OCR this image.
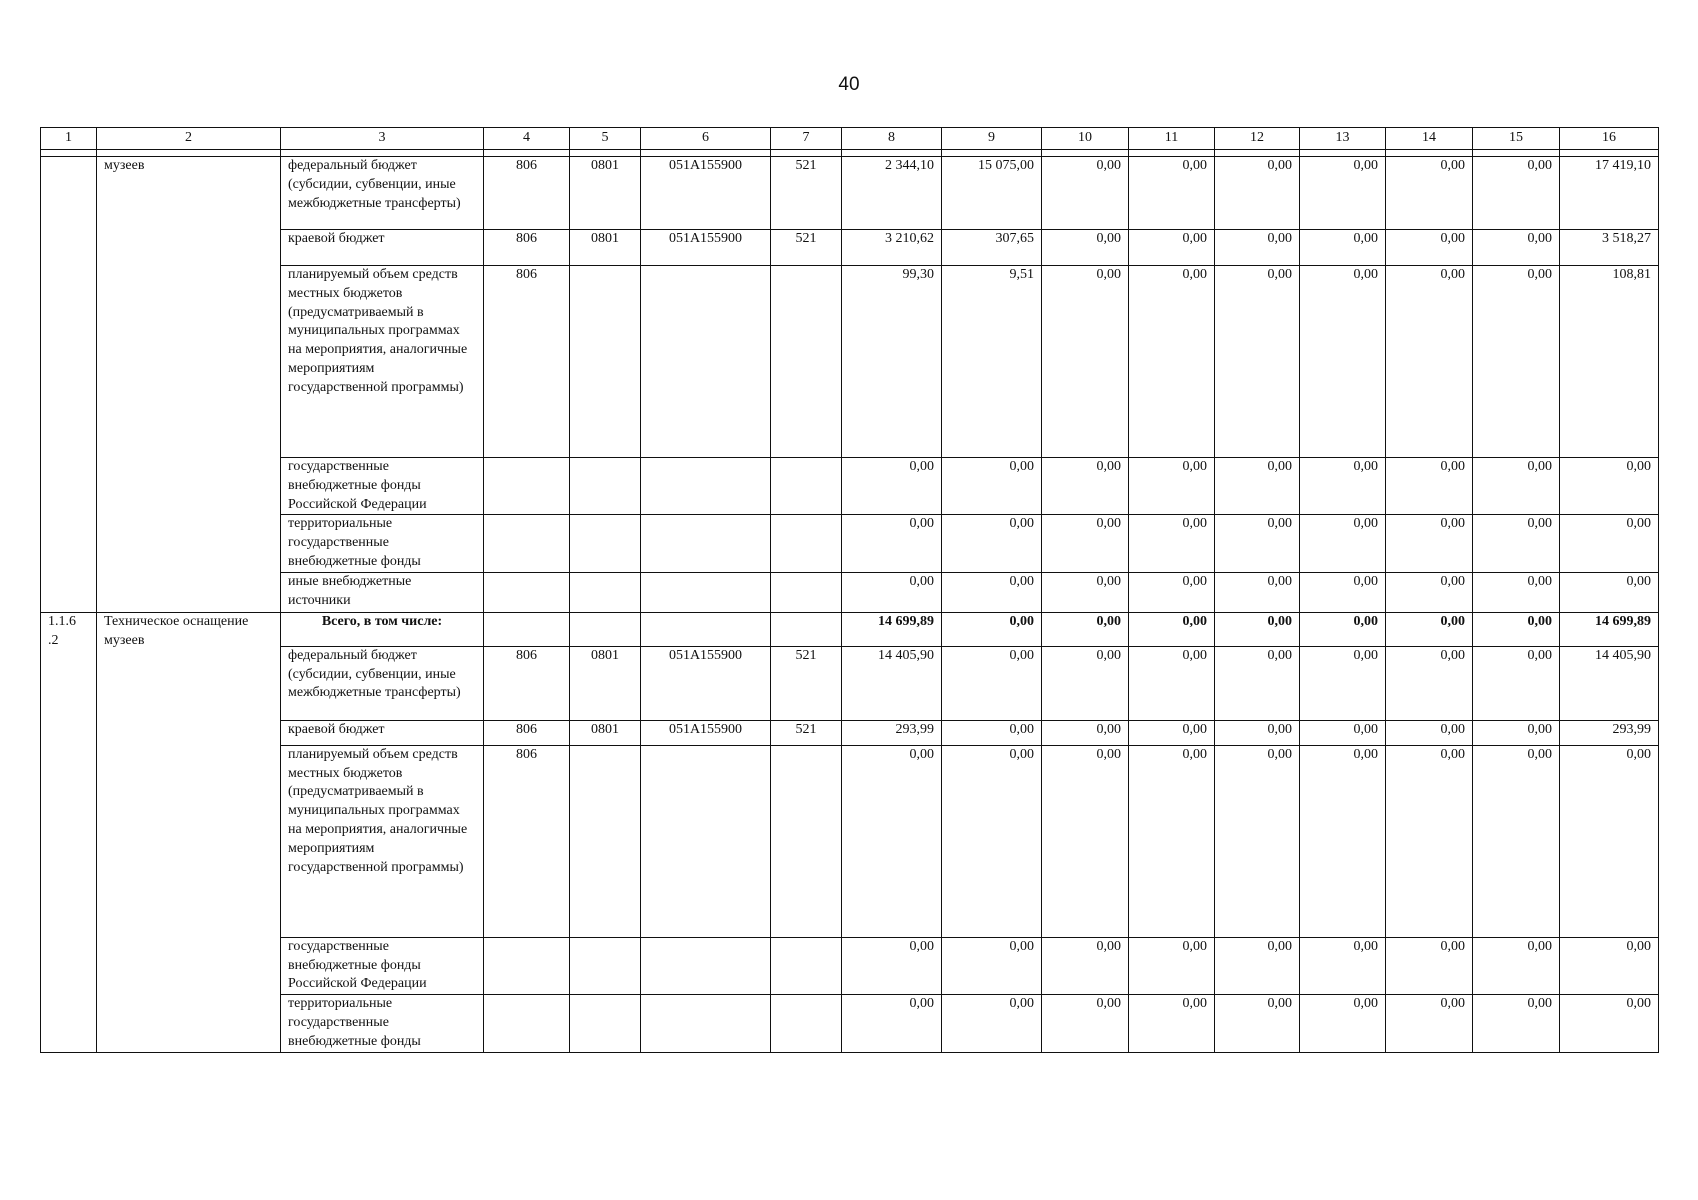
40
1	2	3	4	5	6	7	8	9	10	11	12	13	14	15	16

	музеев	федеральный бюджет (субсидии, субвенции, иные межбюджетные трансферты)	806	0801	051A155900	521	2 344,10	15 075,00	0,00	0,00	0,00	0,00	0,00	0,00	17 419,10
		краевой бюджет	806	0801	051A155900	521	3 210,62	307,65	0,00	0,00	0,00	0,00	0,00	0,00	3 518,27
		планируемый объем средств местных бюджетов (предусматриваемый в муниципальных программах на мероприятия, аналогичные мероприятиям государственной программы)	806				99,30	9,51	0,00	0,00	0,00	0,00	0,00	0,00	108,81
		государственные внебюджетные фонды Российской Федерации					0,00	0,00	0,00	0,00	0,00	0,00	0,00	0,00	0,00
		территориальные государственные внебюджетные фонды					0,00	0,00	0,00	0,00	0,00	0,00	0,00	0,00	0,00
		иные внебюджетные источники					0,00	0,00	0,00	0,00	0,00	0,00	0,00	0,00	0,00
1.1.6 .2	Техническое оснащение музеев	Всего, в том числе:					14 699,89	0,00	0,00	0,00	0,00	0,00	0,00	0,00	14 699,89
		федеральный бюджет (субсидии, субвенции, иные межбюджетные трансферты)	806	0801	051A155900	521	14 405,90	0,00	0,00	0,00	0,00	0,00	0,00	0,00	14 405,90
		краевой бюджет	806	0801	051A155900	521	293,99	0,00	0,00	0,00	0,00	0,00	0,00	0,00	293,99
		планируемый объем средств местных бюджетов (предусматриваемый в муниципальных программах на мероприятия, аналогичные мероприятиям государственной программы)	806				0,00	0,00	0,00	0,00	0,00	0,00	0,00	0,00	0,00
		государственные внебюджетные фонды Российской Федерации					0,00	0,00	0,00	0,00	0,00	0,00	0,00	0,00	0,00
		территориальные государственные внебюджетные фонды					0,00	0,00	0,00	0,00	0,00	0,00	0,00	0,00	0,00
